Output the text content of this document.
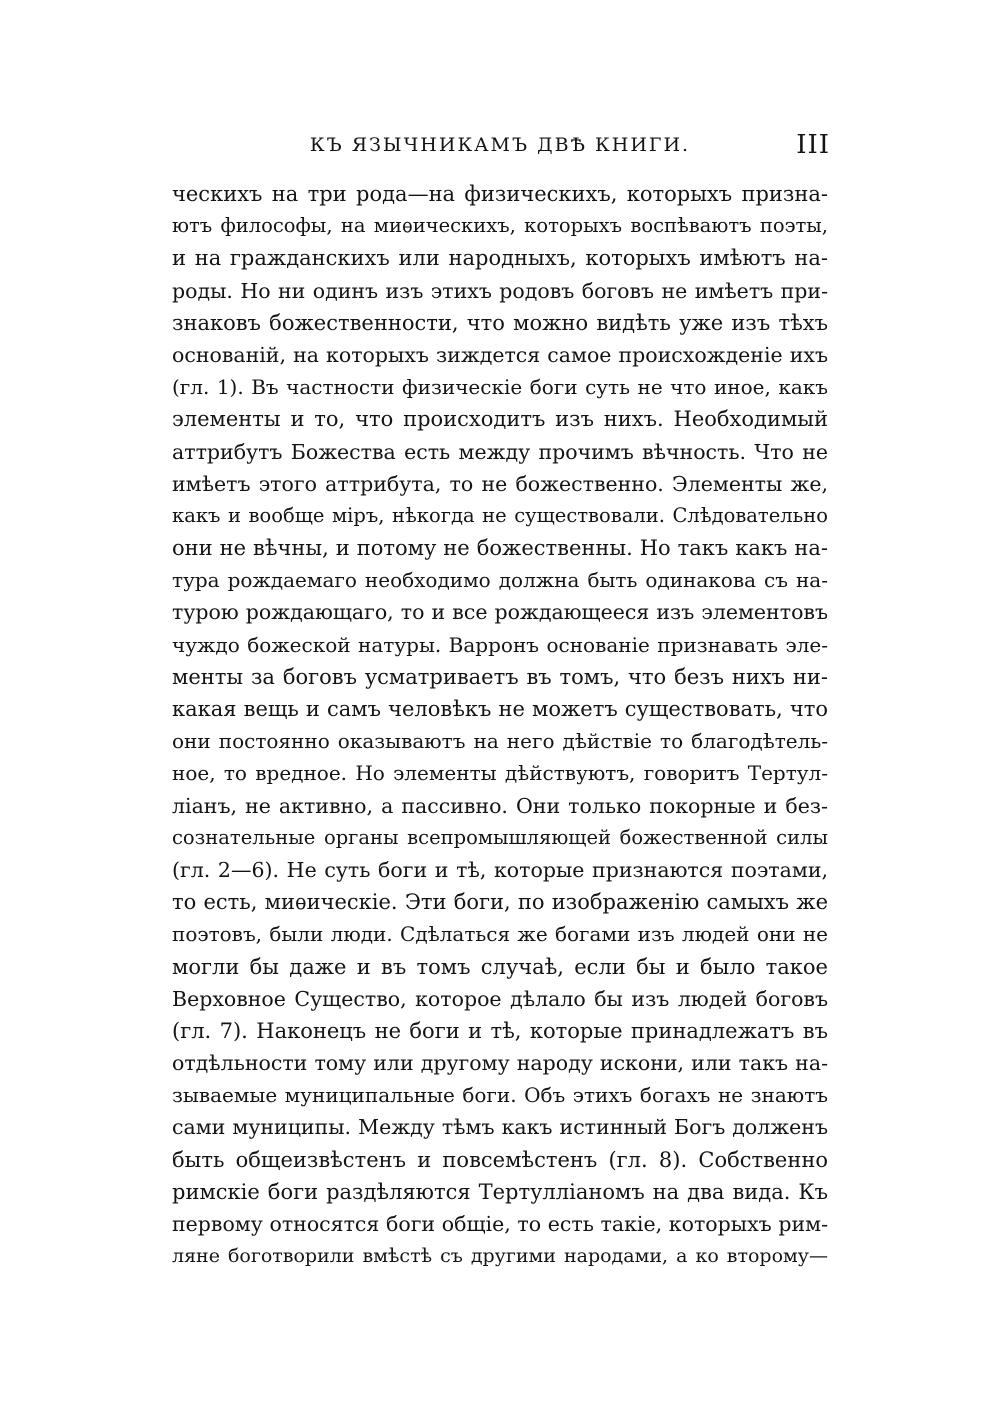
КЪ ЯЗЫЧНИКАМЪ ДВѢ КНИГИ.	III
ческихъ на три рода—на физическихъ, которыхъ призна-
ютъ философы, на миѳическихъ, которыхъ воспѣваютъ поэты,
и на гражданскихъ или народныхъ, которыхъ имѣютъ на-
роды. Но ни одинъ изъ этихъ родовъ боговъ не имѣетъ при-
знаковъ божественности, что можно видѣть уже изъ тѣхъ
основаній, на которыхъ зиждется самое происхожденіе ихъ
(гл. 1). Въ частности физическіе боги суть не что иное, какъ
элементы и то, что происходитъ изъ нихъ. Необходимый
аттрибутъ Божества есть между прочимъ вѣчность. Что не
имѣетъ этого аттрибута, то не божественно. Элементы же,
какъ и вообще міръ, нѣкогда не существовали. Слѣдовательно
они не вѣчны, и потому не божественны. Но такъ какъ на-
тура рождаемаго необходимо должна быть одинакова съ на-
турою рождающаго, то и все рождающееся изъ элементовъ
чуждо божеской натуры. Варронъ основаніе признавать эле-
менты за боговъ усматриваетъ въ томъ, что безъ нихъ ни-
какая вещь и самъ человѣкъ не можетъ существовать, что
они постоянно оказываютъ на него дѣйствіе то благодѣтель-
ное, то вредное. Но элементы дѣйствуютъ, говоритъ Тертул-
ліанъ, не активно, а пассивно. Они только покорные и без-
сознательные органы всепромышляющей божественной силы
(гл. 2—6). Не суть боги и тѣ, которые признаются поэтами,
то есть, миѳическіе. Эти боги, по изображенію самыхъ же
поэтовъ, были люди. Сдѣлаться же богами изъ людей они не
могли бы даже и въ томъ случаѣ, если бы и было такое
Верховное Существо, которое дѣлало бы изъ людей боговъ
(гл. 7). Наконецъ не боги и тѣ, которые принадлежатъ въ
отдѣльности тому или другому народу искони, или такъ на-
зываемые муниципальные боги. Объ этихъ богахъ не знаютъ
сами муниципы. Между тѣмъ какъ истинный Богъ долженъ
быть общеизвѣстенъ и повсемѣстенъ (гл. 8). Собственно
римскіе боги раздѣляются Тертулліаномъ на два вида. Къ
первому относятся боги общіе, то есть такіе, которыхъ рим-
ляне боготворили вмѣстѣ съ другими народами, а ко второму—
